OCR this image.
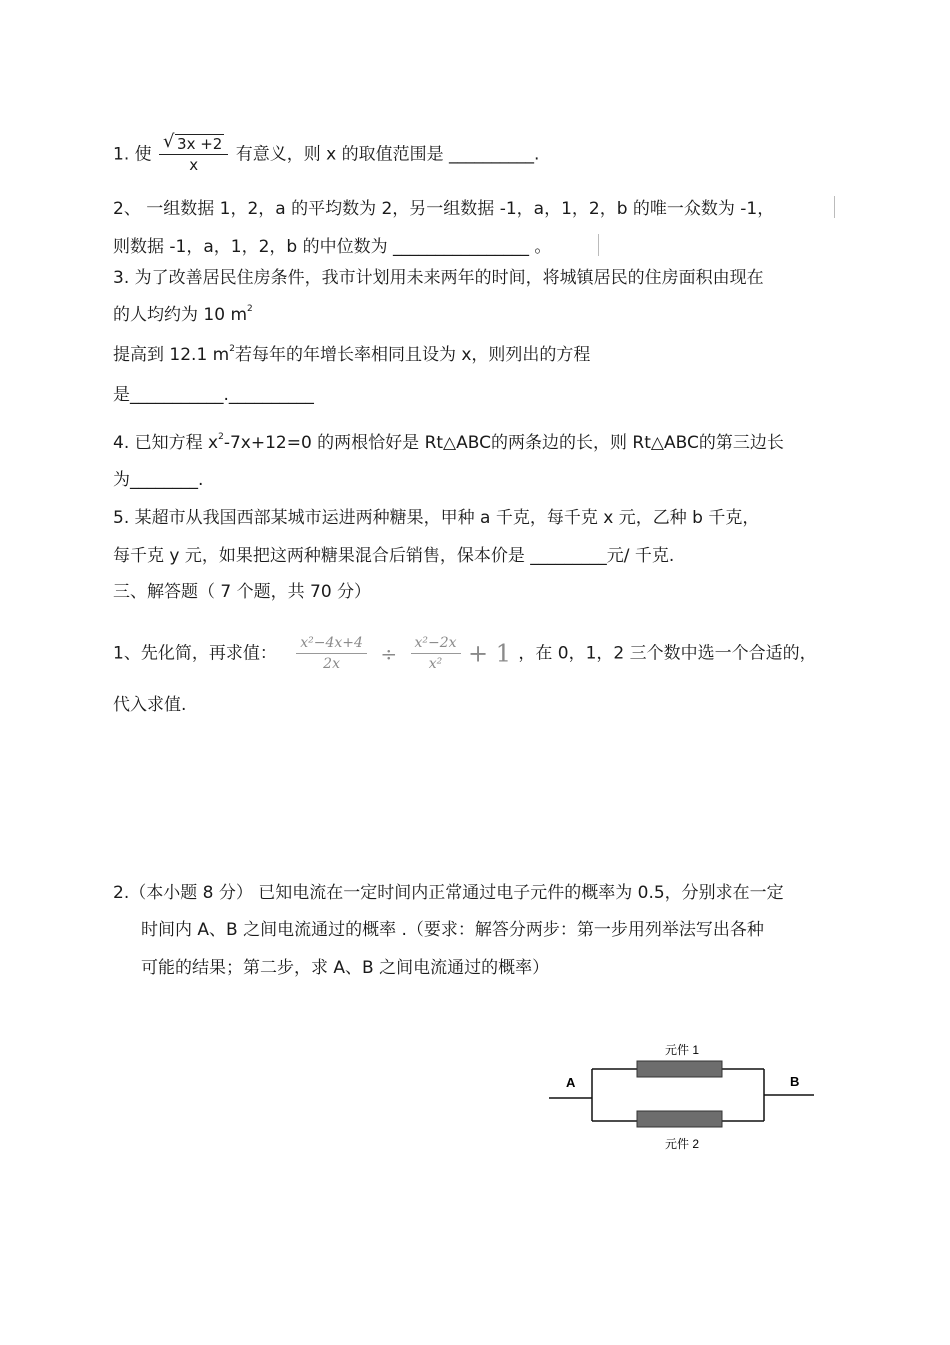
1. 使 $\frac{√ 3x +2}{x}$ 有意义，则 x 的取值范围是 __________.
2、 一组数据 1，2，a 的平均数为 2，另一组数据 -1，a，1，2，b 的唯一众数为 -1，
则数据 -1，a，1，2，b 的中位数为 ________________ 。
3. 为了改善居民住房条件，我市计划用未来两年的时间，将城镇居民的住房面积由现在
的人均约为 10 $m^2$
提高到 12.1 $m^2$若每年的年增长率相同且设为 x，则列出的方程
是___________.__________
4. 已知方程 $x^2-7x+12=0$ 的两根恰好是 Rt△ABC的两条边的长，则 Rt△ABC的第三边长
为________.
5. 某超市从我国西部某城市运进两种糖果，甲种 a 千克，每千克 x 元，乙种 b 千克，
每千克 y 元，如果把这两种糖果混合后销售，保本价是 _________元/ 千克.
三、解答题（ 7 个题，共 70 分）
1、先化简，再求值： $\frac{\text{x²−4x+4}}{2x} \div \frac{\text{x²−2x}}{\text{x²}} + 1$ ，在 0，1，2 三个数中选一个合适的，
代入求值.
2.（本小题 8 分） 已知电流在一定时间内正常通过电子元件的概率为 0.5，分别求在一定
时间内 A、B 之间电流通过的概率 .（要求：解答分两步：第一步用列举法写出各种
可能的结果；第二步，求 A、B 之间电流通过的概率）
A	B
元件 1
元件 2
